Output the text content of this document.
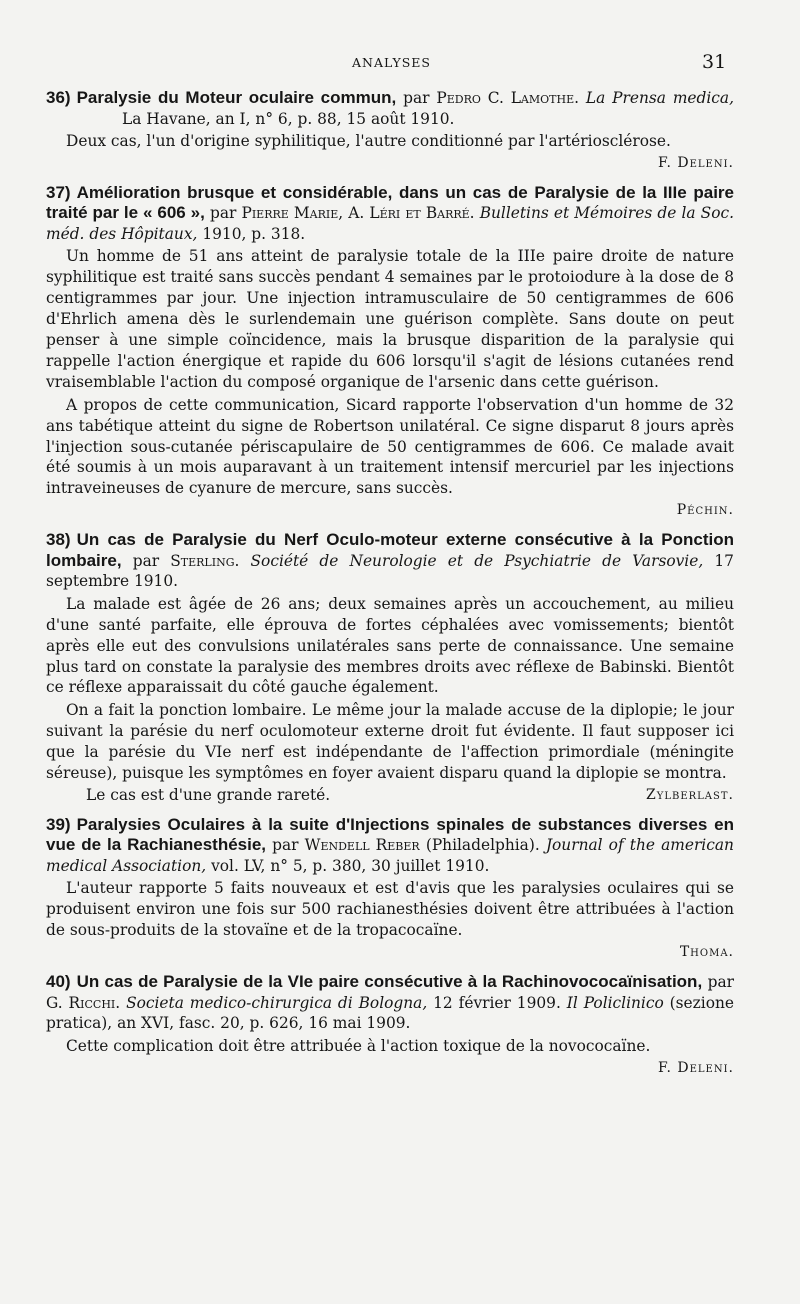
ANALYSES	31
36) Paralysie du Moteur oculaire commun, par Pedro C. Lamothe. La Prensa medica, La Havane, an I, n° 6, p. 88, 15 août 1910.

Deux cas, l'un d'origine syphilitique, l'autre conditionné par l'artériosclérose.

F. Deleni.

37) Amélioration brusque et considérable, dans un cas de Paralysie de la IIIe paire traité par le « 606 », par Pierre Marie, A. Léri et Barré. Bulletins et Mémoires de la Soc. méd. des Hôpitaux, 1910, p. 318.

Un homme de 51 ans atteint de paralysie totale de la IIIe paire droite de nature syphilitique est traité sans succès pendant 4 semaines par le protoiodure à la dose de 8 centigrammes par jour. Une injection intramusculaire de 50 centigrammes de 606 d'Ehrlich amena dès le surlendemain une guérison complète. Sans doute on peut penser à une simple coïncidence, mais la brusque disparition de la paralysie qui rappelle l'action énergique et rapide du 606 lorsqu'il s'agit de lésions cutanées rend vraisemblable l'action du composé organique de l'arsenic dans cette guérison.

A propos de cette communication, Sicard rapporte l'observation d'un homme de 32 ans tabétique atteint du signe de Robertson unilatéral. Ce signe disparut 8 jours après l'injection sous-cutanée périscapulaire de 50 centigrammes de 606. Ce malade avait été soumis à un mois auparavant à un traitement intensif mercuriel par les injections intraveineuses de cyanure de mercure, sans succès.

Péchin.

38) Un cas de Paralysie du Nerf Oculo-moteur externe consécutive à la Ponction lombaire, par Sterling. Société de Neurologie et de Psychiatrie de Varsovie, 17 septembre 1910.

La malade est âgée de 26 ans; deux semaines après un accouchement, au milieu d'une santé parfaite, elle éprouva de fortes céphalées avec vomissements; bientôt après elle eut des convulsions unilatérales sans perte de connaissance. Une semaine plus tard on constate la paralysie des membres droits avec réflexe de Babinski. Bientôt ce réflexe apparaissait du côté gauche également.

On a fait la ponction lombaire. Le même jour la malade accuse de la diplopie; le jour suivant la parésie du nerf oculomoteur externe droit fut évidente. Il faut supposer ici que la parésie du VIe nerf est indépendante de l'affection primordiale (méningite séreuse), puisque les symptômes en foyer avaient disparu quand la diplopie se montra.

Le cas est d'une grande rareté.	Zylberlast.
39) Paralysies Oculaires à la suite d'Injections spinales de substances diverses en vue de la Rachianesthésie, par Wendell Reber (Philadelphia). Journal of the american medical Association, vol. LV, n° 5, p. 380, 30 juillet 1910.

L'auteur rapporte 5 faits nouveaux et est d'avis que les paralysies oculaires qui se produisent environ une fois sur 500 rachianesthésies doivent être attribuées à l'action de sous-produits de la stovaïne et de la tropacocaïne.

Thoma.

40) Un cas de Paralysie de la VIe paire consécutive à la Rachinovococaïnisation, par G. Ricchi. Societa medico-chirurgica di Bologna, 12 février 1909. Il Policlinico (sezione pratica), an XVI, fasc. 20, p. 626, 16 mai 1909.

Cette complication doit être attribuée à l'action toxique de la novococaïne.

F. Deleni.
